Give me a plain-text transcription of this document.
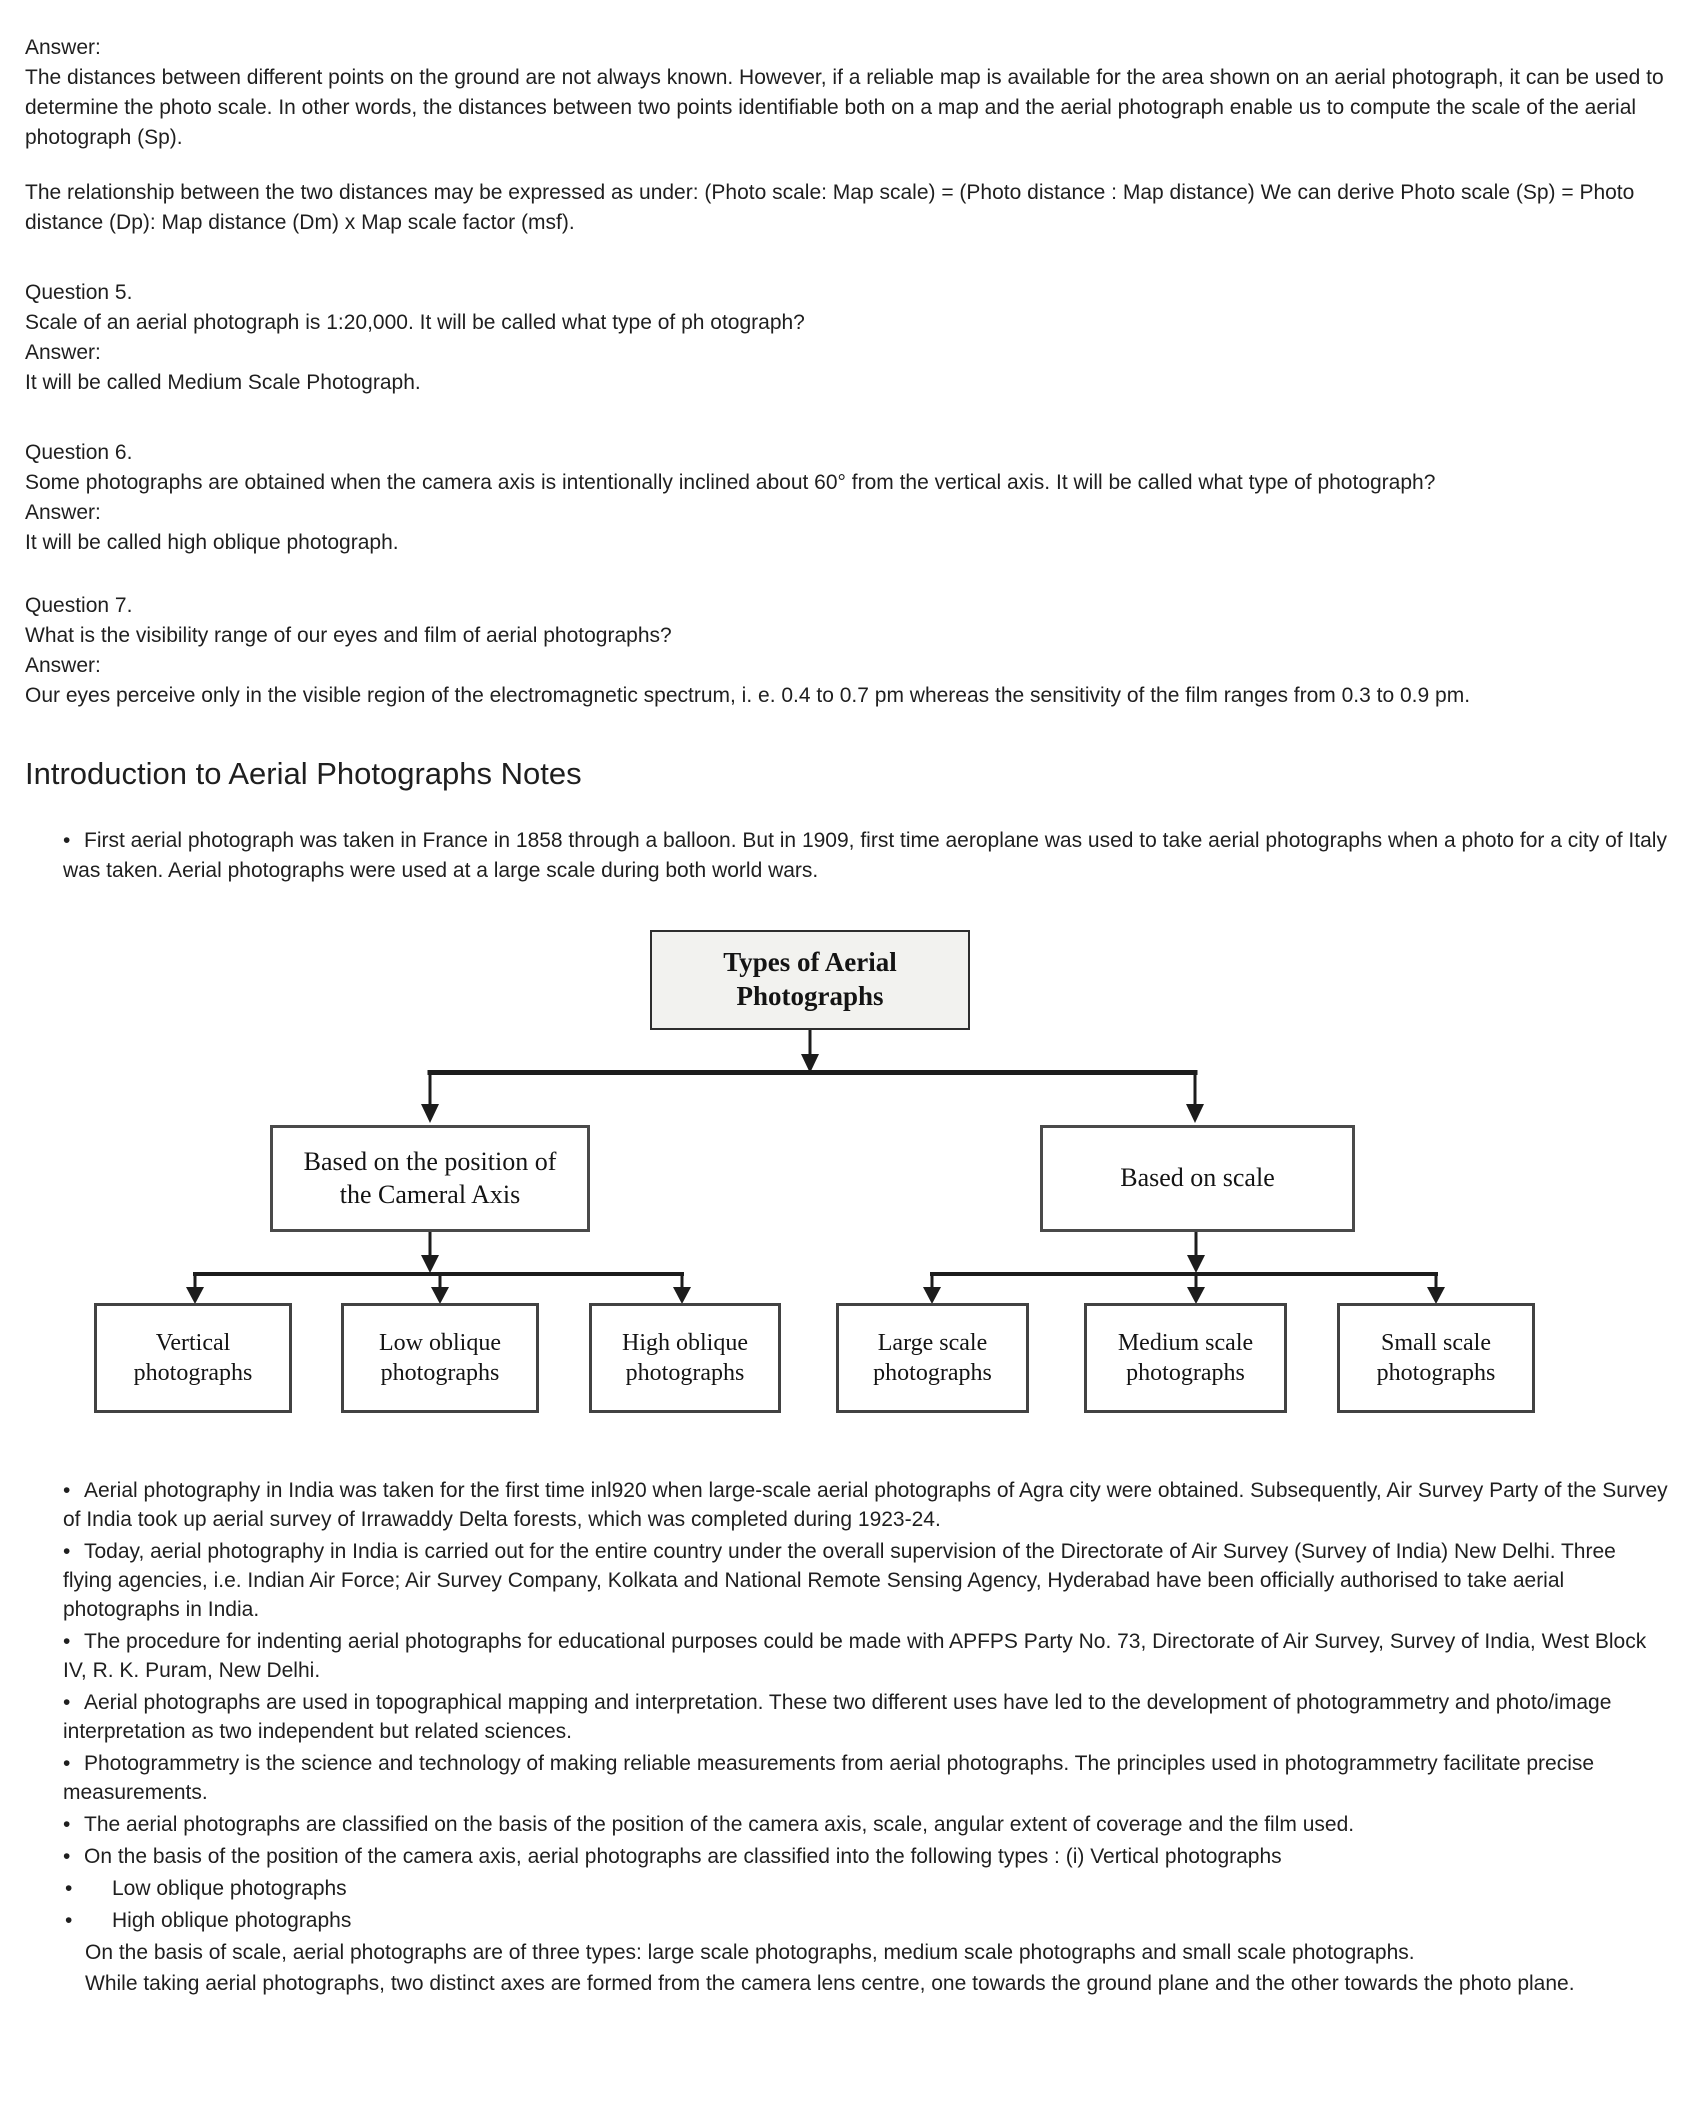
Answer:

The distances between different points on the ground are not always known. However, if a reliable map is available for the area shown on an aerial photograph, it can be used to determine the photo scale. In other words, the distances between two points identifiable both on a map and the aerial photograph enable us to compute the scale of the aerial photograph (Sp).

The relationship between the two distances may be expressed as under: (Photo scale: Map scale) = (Photo distance : Map distance) We can derive Photo scale (Sp) = Photo distance (Dp): Map distance (Dm) x Map scale factor (msf).

Question 5.

Scale of an aerial photograph is 1:20,000. It will be called what type of ph otograph?

Answer:

It will be called Medium Scale Photograph.

Question 6.

Some photographs are obtained when the camera axis is intentionally inclined about 60° from the vertical axis. It will be called what type of photograph?

Answer:

It will be called high oblique photograph.

Question 7.

What is the visibility range of our eyes and film of aerial photographs?

Answer:

Our eyes perceive only in the visible region of the electromagnetic spectrum, i. e. 0.4 to 0.7 pm whereas the sensitivity of the film ranges from 0.3 to 0.9 pm.

Introduction to Aerial Photographs Notes
• First aerial photograph was taken in France in 1858 through a balloon. But in 1909, first time aeroplane was used to take aerial photographs when a photo for a city of Italy was taken. Aerial photographs were used at a large scale during both world wars.
Types of Aerial Photographs
Based on the position of the Cameral Axis
Based on scale
Vertical photographs
Low oblique photographs
High oblique photographs
Large scale photographs
Medium scale photographs
Small scale photographs
• Aerial photography in India was taken for the first time inl920 when large-scale aerial photographs of Agra city were obtained. Subsequently, Air Survey Party of the Survey of India took up aerial survey of Irrawaddy Delta forests, which was completed during 1923-24.
• Today, aerial photography in India is carried out for the entire country under the overall supervision of the Directorate of Air Survey (Survey of India) New Delhi. Three flying agencies, i.e. Indian Air Force; Air Survey Company, Kolkata and National Remote Sensing Agency, Hyderabad have been officially authorised to take aerial photographs in India.
• The procedure for indenting aerial photographs for educational purposes could be made with APFPS Party No. 73, Directorate of Air Survey, Survey of India, West Block IV, R. K. Puram, New Delhi.
• Aerial photographs are used in topographical mapping and interpretation. These two different uses have led to the development of photogrammetry and photo/image interpretation as two independent but related sciences.
• Photogrammetry is the science and technology of making reliable measurements from aerial photographs. The principles used in photogrammetry facilitate precise measurements.
• The aerial photographs are classified on the basis of the position of the camera axis, scale, angular extent of coverage and the film used.
• On the basis of the position of the camera axis, aerial photographs are classified into the following types : (i) Vertical photographs
• Low oblique photographs
• High oblique photographs

On the basis of scale, aerial photographs are of three types: large scale photographs, medium scale photographs and small scale photographs.

While taking aerial photographs, two distinct axes are formed from the camera lens centre, one towards the ground plane and the other towards the photo plane.
